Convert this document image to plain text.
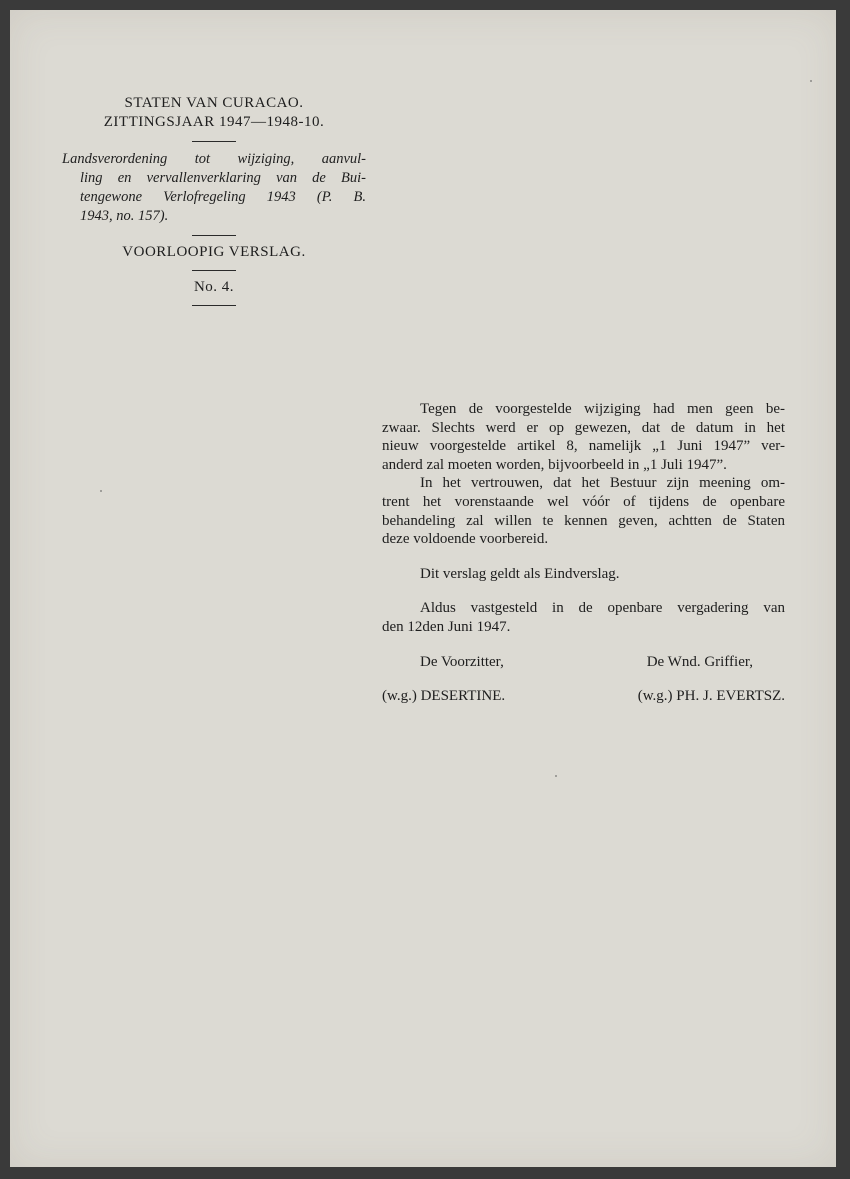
STATEN VAN CURACAO.
ZITTINGSJAAR 1947—1948-10.

Landsverordening tot wijziging, aanvul-
ling en vervallenverklaring van de Bui-
tengewone Verlofregeling 1943 (P. B.
1943, no. 157).

VOORLOOPIG VERSLAG.
No. 4.

Tegen de voorgestelde wijziging had men geen be-
zwaar. Slechts werd er op gewezen, dat de datum in het
nieuw voorgestelde artikel 8, namelijk „1 Juni 1947” ver-
anderd zal moeten worden, bijvoorbeeld in „1 Juli 1947”.

In het vertrouwen, dat het Bestuur zijn meening om-
trent het vorenstaande wel vóór of tijdens de openbare
behandeling zal willen te kennen geven, achtten de Staten
deze voldoende voorbereid.

Dit verslag geldt als Eindverslag.

Aldus vastgesteld in de openbare vergadering van
den 12den Juni 1947.

De Voorzitter,	De Wnd. Griffier,
(w.g.) DESERTINE.	(w.g.) PH. J. EVERTSZ.
